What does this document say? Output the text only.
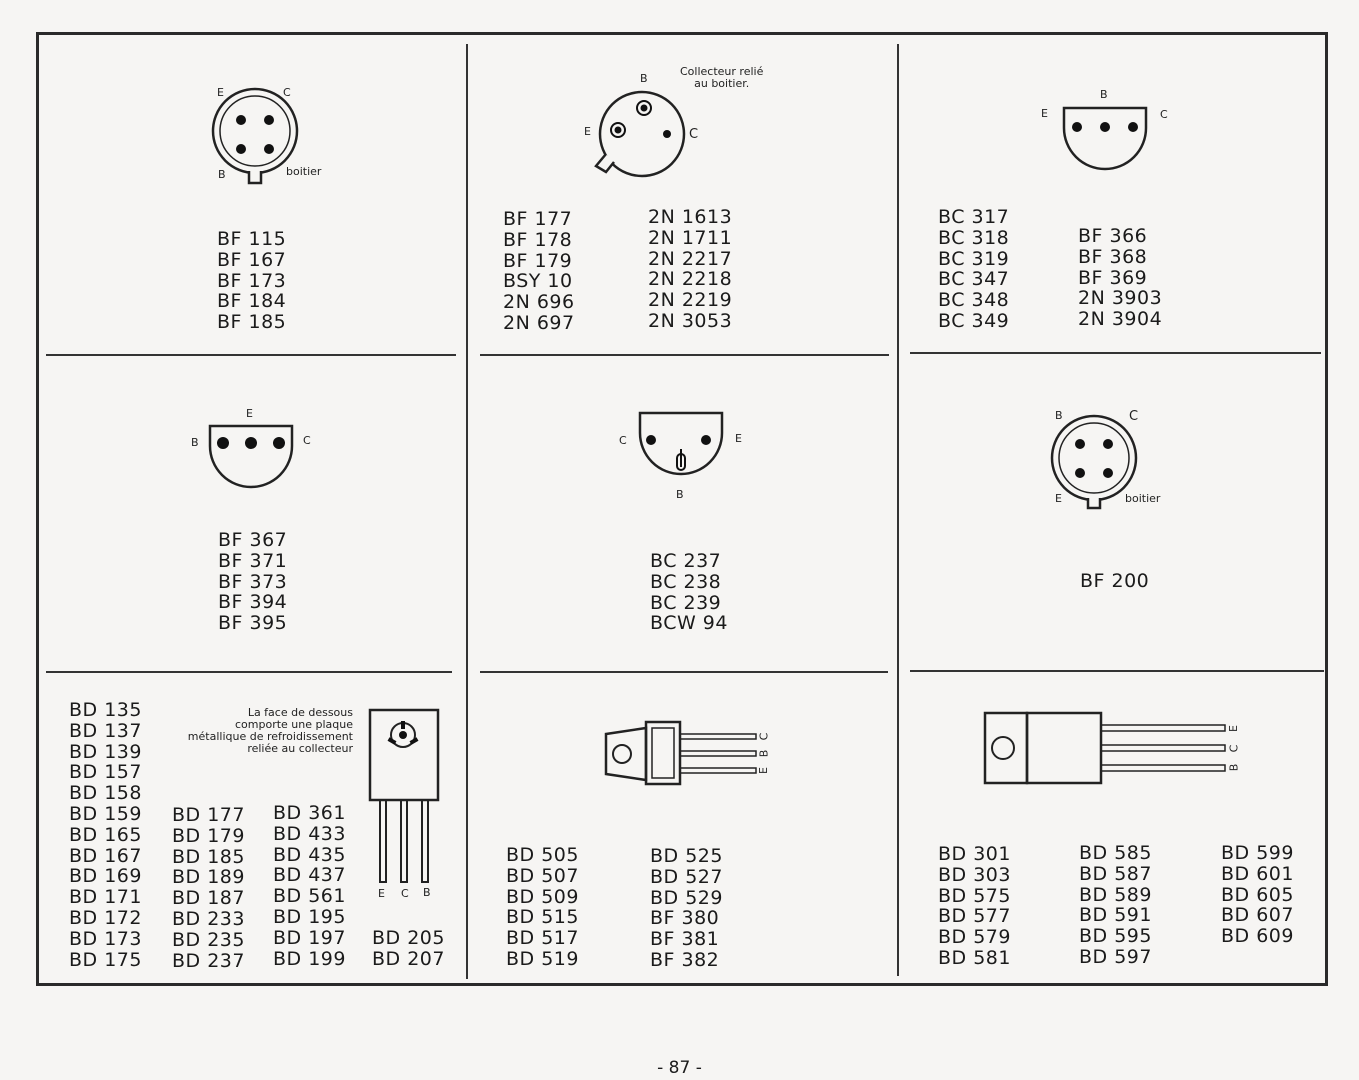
E	C
B	boitier
BF 115
BF 167
BF 173
BF 184
BF 185
B
E	C
Collecteur relié
au boitier.
BF 177
BF 178
BF 179
BSY 10
2N 696
2N 697
2N 1613
2N 1711
2N 2217
2N 2218
2N 2219
2N 3053
E
B
C
BC 317
BC 318
BC 319
BC 347
BC 348
BC 349
BF 366
BF 368
BF 369
2N 3903
2N 3904
B
E
C
BF 367
BF 371
BF 373
BF 394
BF 395
C	E
B
BC 237
BC 238
BC 239
BCW 94
B	C
E	boitier
BF 200
La face de dessous
comporte une plaque
métallique de refroidissement
reliée au collecteur
E C B
BD 135
BD 137
BD 139
BD 157
BD 158
BD 159
BD 165
BD 167
BD 169
BD 171
BD 172
BD 173
BD 175
BD 177
BD 179
BD 185
BD 189
BD 187
BD 233
BD 235
BD 237
BD 361
BD 433
BD 435
BD 437
BD 561
BD 195
BD 197
BD 199
BD 205
BD 207
C
B
E
BD 505
BD 507
BD 509
BD 515
BD 517
BD 519
BD 525
BD 527
BD 529
BF 380
BF 381
BF 382
E
C
B
BD 301
BD 303
BD 575
BD 577
BD 579
BD 581
BD 585
BD 587
BD 589
BD 591
BD 595
BD 597
BD 599
BD 601
BD 605
BD 607
BD 609
- 87 -
